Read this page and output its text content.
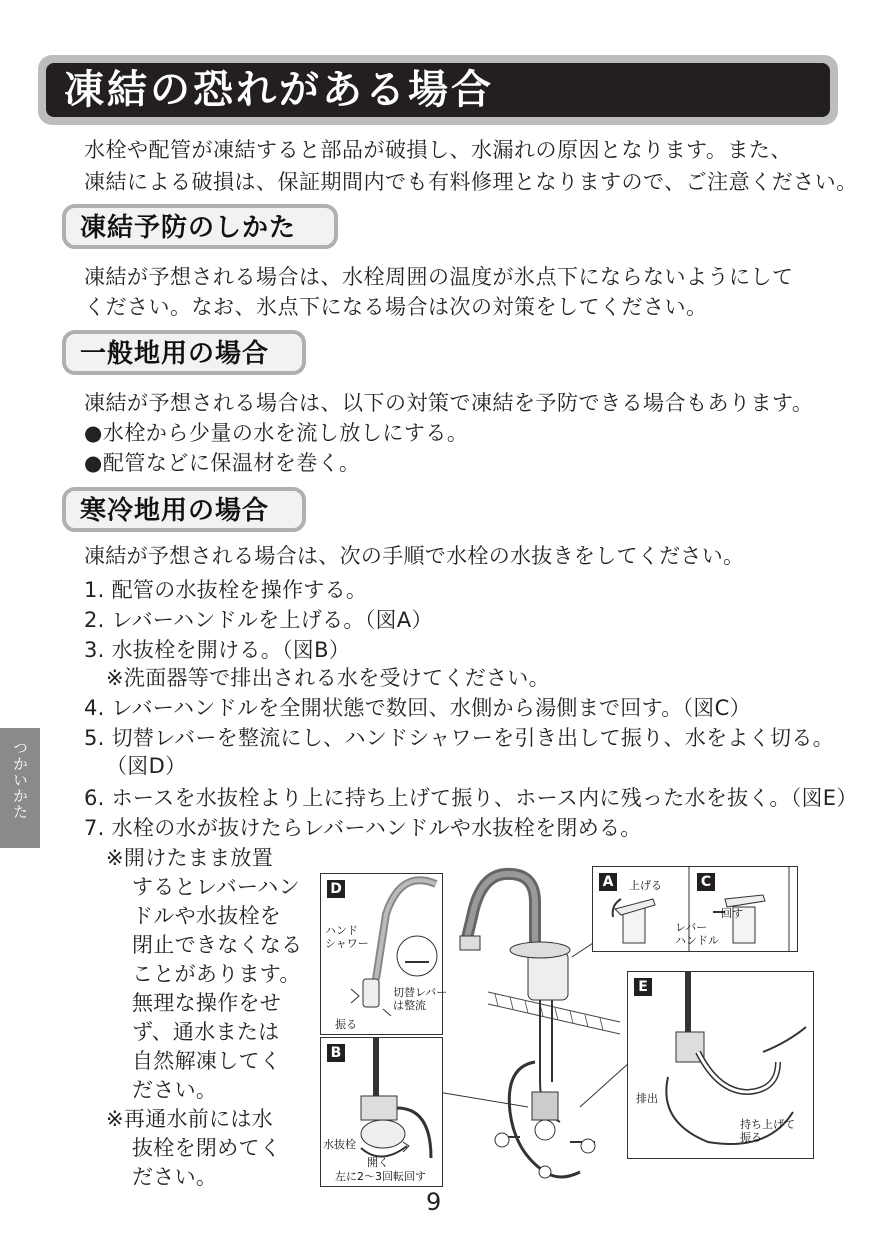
凍結の恐れがある場合
水栓や配管が凍結すると部品が破損し、水漏れの原因となります。また、
凍結による破損は、保証期間内でも有料修理となりますので、ご注意ください。
凍結予防のしかた
凍結が予想される場合は、水栓周囲の温度が氷点下にならないようにして
ください。なお、氷点下になる場合は次の対策をしてください。
一般地用の場合
凍結が予想される場合は、以下の対策で凍結を予防できる場合もあります。
●水栓から少量の水を流し放しにする。
●配管などに保温材を巻く。
寒冷地用の場合
凍結が予想される場合は、次の手順で水栓の水抜きをしてください。
1. 配管の水抜栓を操作する。
2. レバーハンドルを上げる。（図A）
3. 水抜栓を開ける。（図B）
※洗面器等で排出される水を受けてください。
4. レバーハンドルを全開状態で数回、水側から湯側まで回す。（図C）
5. 切替レバーを整流にし、ハンドシャワーを引き出して振り、水をよく切る。
（図D）
6. ホースを水抜栓より上に持ち上げて振り、ホース内に残った水を抜く。（図E）
7. 水栓の水が抜けたらレバーハンドルや水抜栓を閉める。
※開けたまま放置
するとレバーハン
ドルや水抜栓を
閉止できなくなる
ことがあります。
無理な操作をせ
ず、通水または
自然解凍してく
ださい。
※再通水前には水
抜栓を閉めてく
ださい。
つかいかた
D
ハンド
シャワー
切替レバー
は整流
振る
B
水抜栓
開く
左に2〜3回転回す
A	C
上げる
回す
レバー
ハンドル
E
排出
持ち上げて
振る
9
